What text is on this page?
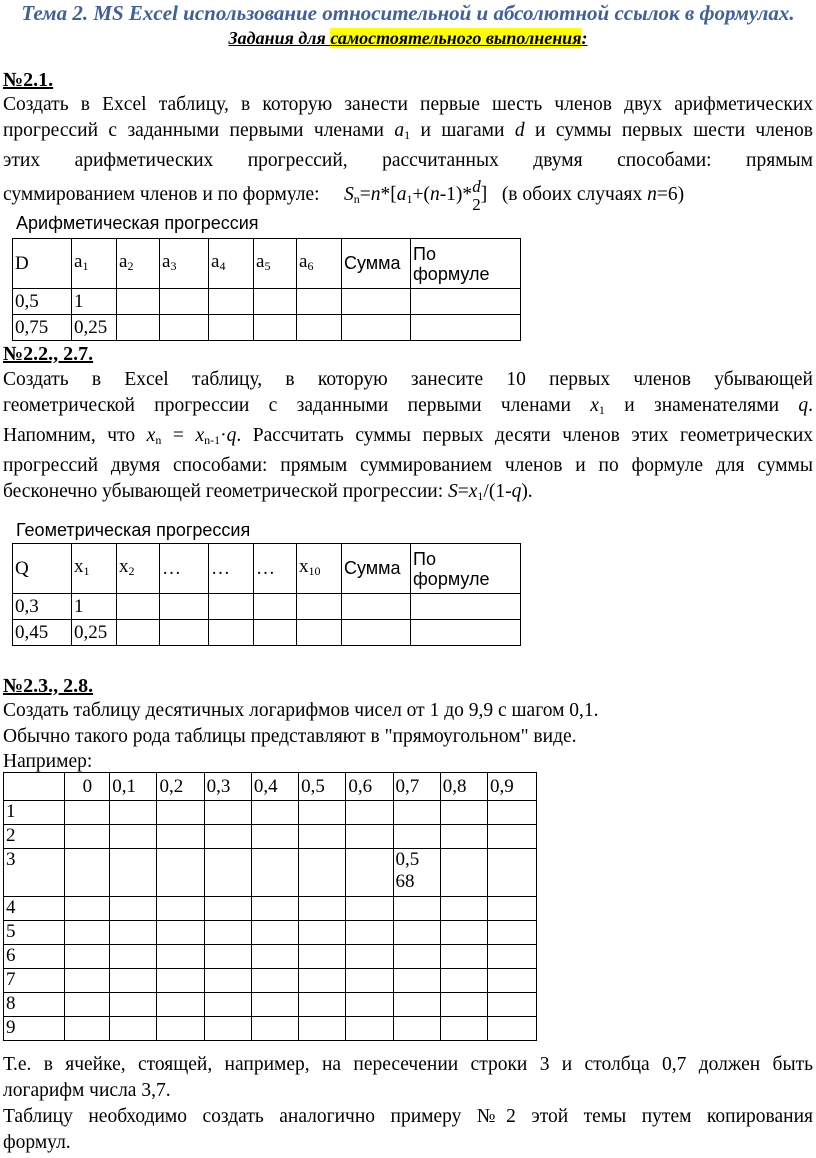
Тема 2. MS Excel использование относительной и абсолютной ссылок в формулах.
Задания для самостоятельного выполнения:
№2.1.
Создать в Excel таблицу, в которую занести первые шесть членов двух арифметических
прогрессий с заданными первыми членами $a_1$ и шагами d и суммы первых шести членов
этих арифметических прогрессий, рассчитанных двумя способами: прямым
суммированием членов и по формуле: $S_n=n*[a_1+(n-1)*$ d
2 ] (в обоих случаях n=6)
Арифметическая прогрессия
D	$a_1$	$a_2$	$a_3$	$a_4$	$a_5$	$a_6$	Сумма	По
формуле
0,5	1							
0,75	0,25							
№2.2., 2.7.
Создать в Excel таблицу, в которую занесите 10 первых членов убывающей
геометрической прогрессии с заданными первыми членами $x_1$ и знаменателями q.
Напомним, что $x_n = x_{n-1}\cdot q$. Рассчитать суммы первых десяти членов этих геометрических
прогрессий двумя способами: прямым суммированием членов и по формуле для суммы
бесконечно убывающей геометрической прогрессии: $S=x_1/(1-q)$.
Геометрическая прогрессия
Q	$x_1$	$x_2$	…	…	…	$x_{10}$	Сумма	По
формуле
0,3	1							
0,45	0,25							
№2.3., 2.8.
Создать таблицу десятичных логарифмов чисел от 1 до 9,9 с шагом 0,1.
Обычно такого рода таблицы представляют в "прямоугольном" виде.
Например:
	0	0,1	0,2	0,3	0,4	0,5	0,6	0,7	0,8	0,9
1										
2										
3								0,5
68		
4										
5										
6										
7										
8										
9										
Т.е. в ячейке, стоящей, например, на пересечении строки 3 и столбца 0,7 должен быть
логарифм числа 3,7.
Таблицу необходимо создать аналогично примеру №2 этой темы путем копирования
формул.
